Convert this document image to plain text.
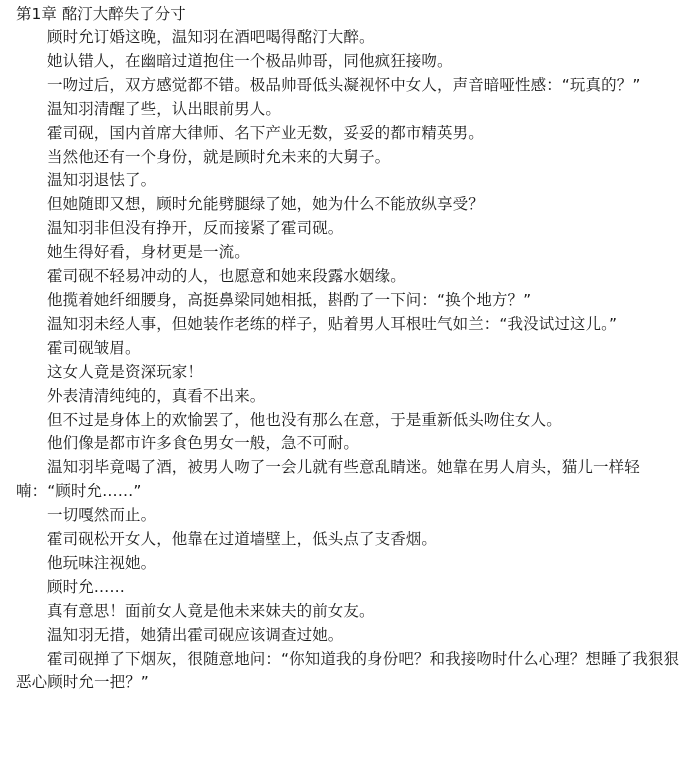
第1章 酩汀大醉失了分寸

顾时允订婚这晚，温知羽在酒吧喝得酩汀大醉。

她认错人，在幽暗过道抱住一个极品帅哥，同他疯狂接吻。

一吻过后，双方感觉都不错。极品帅哥低头凝视怀中女人，声音暗哑性感：“玩真的？”

温知羽清醒了些，认出眼前男人。

霍司砚，国内首席大律师、名下产业无数，妥妥的都市精英男。

当然他还有一个身份，就是顾时允未来的大舅子。

温知羽退怯了。

但她随即又想，顾时允能劈腿绿了她，她为什么不能放纵享受？

温知羽非但没有挣开，反而接紧了霍司砚。

她生得好看，身材更是一流。

霍司砚不轻易冲动的人，也愿意和她来段露水姻缘。

他揽着她纤细腰身，高挺鼻梁同她相抵，斟酌了一下问：“换个地方？”

温知羽未经人事，但她装作老练的样子，贴着男人耳根吐气如兰：“我没试过这儿。”

霍司砚皱眉。

这女人竟是资深玩家！

外表清清纯纯的，真看不出来。

但不过是身体上的欢愉罢了，他也没有那么在意，于是重新低头吻住女人。

他们像是都市许多食色男女一般，急不可耐。

温知羽毕竟喝了酒，被男人吻了一会儿就有些意乱睛迷。她靠在男人肩头，猫儿一样轻喃：“顾时允……”

一切嘎然而止。

霍司砚松开女人，他靠在过道墙壁上，低头点了支香烟。

他玩味注视她。

顾时允……

真有意思！面前女人竟是他未来妹夫的前女友。

温知羽无措，她猜出霍司砚应该调查过她。

霍司砚掸了下烟灰，很随意地问：“你知道我的身份吧？和我接吻时什么心理？想睡了我狠狠恶心顾时允一把？”
